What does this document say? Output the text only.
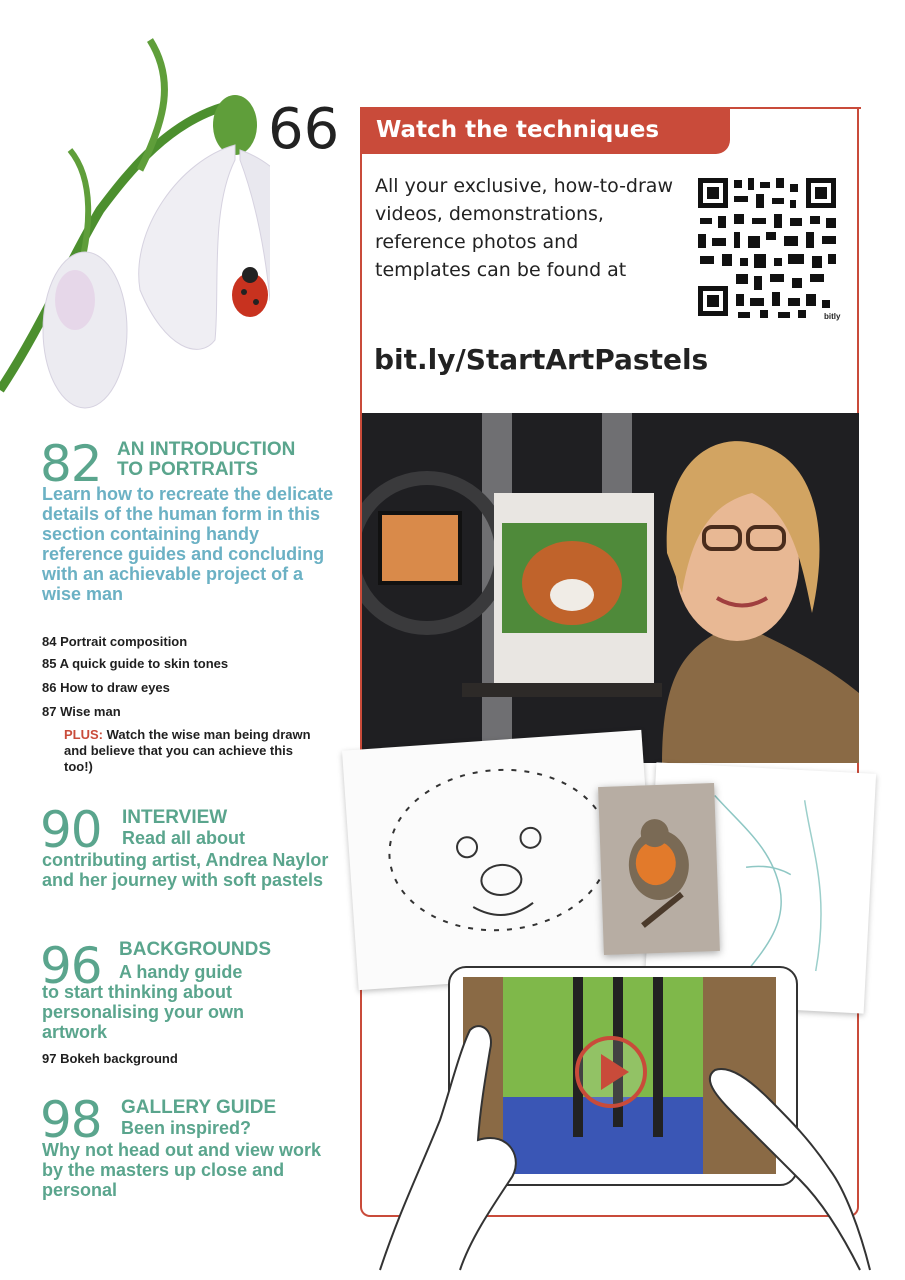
66
82 AN INTRODUCTION
TO PORTRAITS
Learn how to recreate the delicate details of the human form in this section containing handy reference guides and concluding with an achievable project of a wise man
84 Portrait composition
85 A quick guide to skin tones
86 How to draw eyes
87 Wise man
PLUS: Watch the wise man being drawn and believe that you can achieve this too!)
90 INTERVIEW
Read all about
contributing artist, Andrea Naylor and her journey with soft pastels
96 BACKGROUNDS
A handy guide
to start thinking about personalising your own artwork
97 Bokeh background
98 GALLERY GUIDE
Been inspired?
Why not head out and view work by the masters up close and personal
Watch the techniques
All your exclusive, how-to-draw videos, demonstrations, reference photos and templates can be found at
bitly
bit.ly/StartArtPastels
